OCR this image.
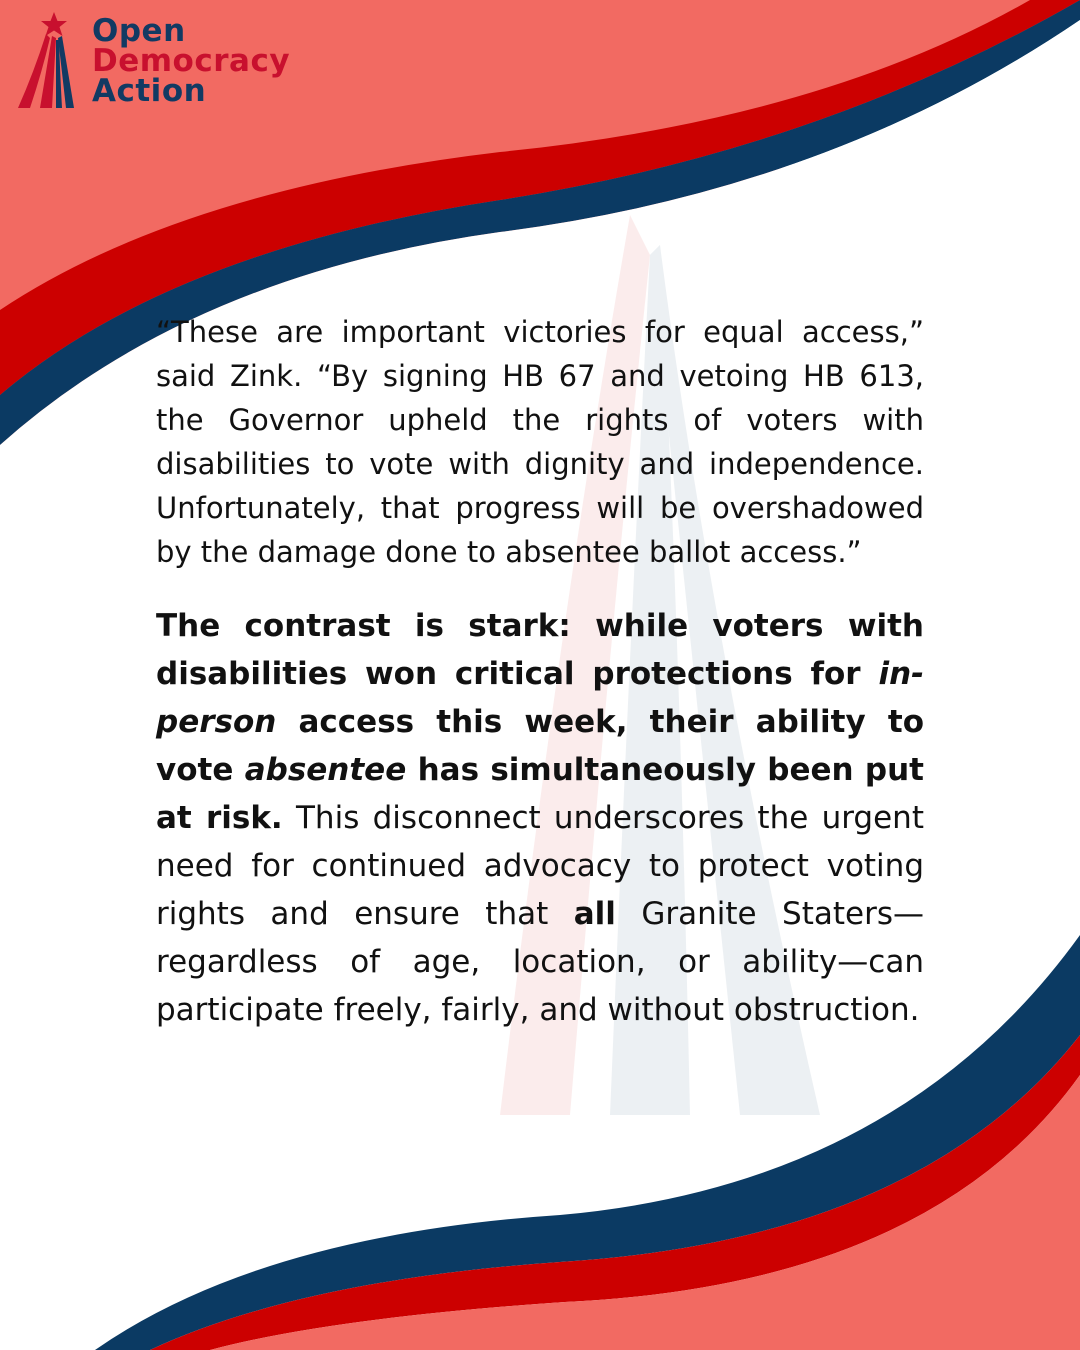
Open
Democracy
Action

“These are important victories for equal access,” said Zink. “By signing HB 67 and vetoing HB 613, the Governor upheld the rights of voters with disabilities to vote with dignity and independence. Unfortunately, that progress will be overshadowed by the damage done to absentee ballot access.”

The contrast is stark: while voters with disabilities won critical protections for in-person access this week, their ability to vote absentee has simultaneously been put at risk. This disconnect underscores the urgent need for continued advocacy to protect voting rights and ensure that all Granite Staters—regardless of age, location, or ability—can participate freely, fairly, and without obstruction.
